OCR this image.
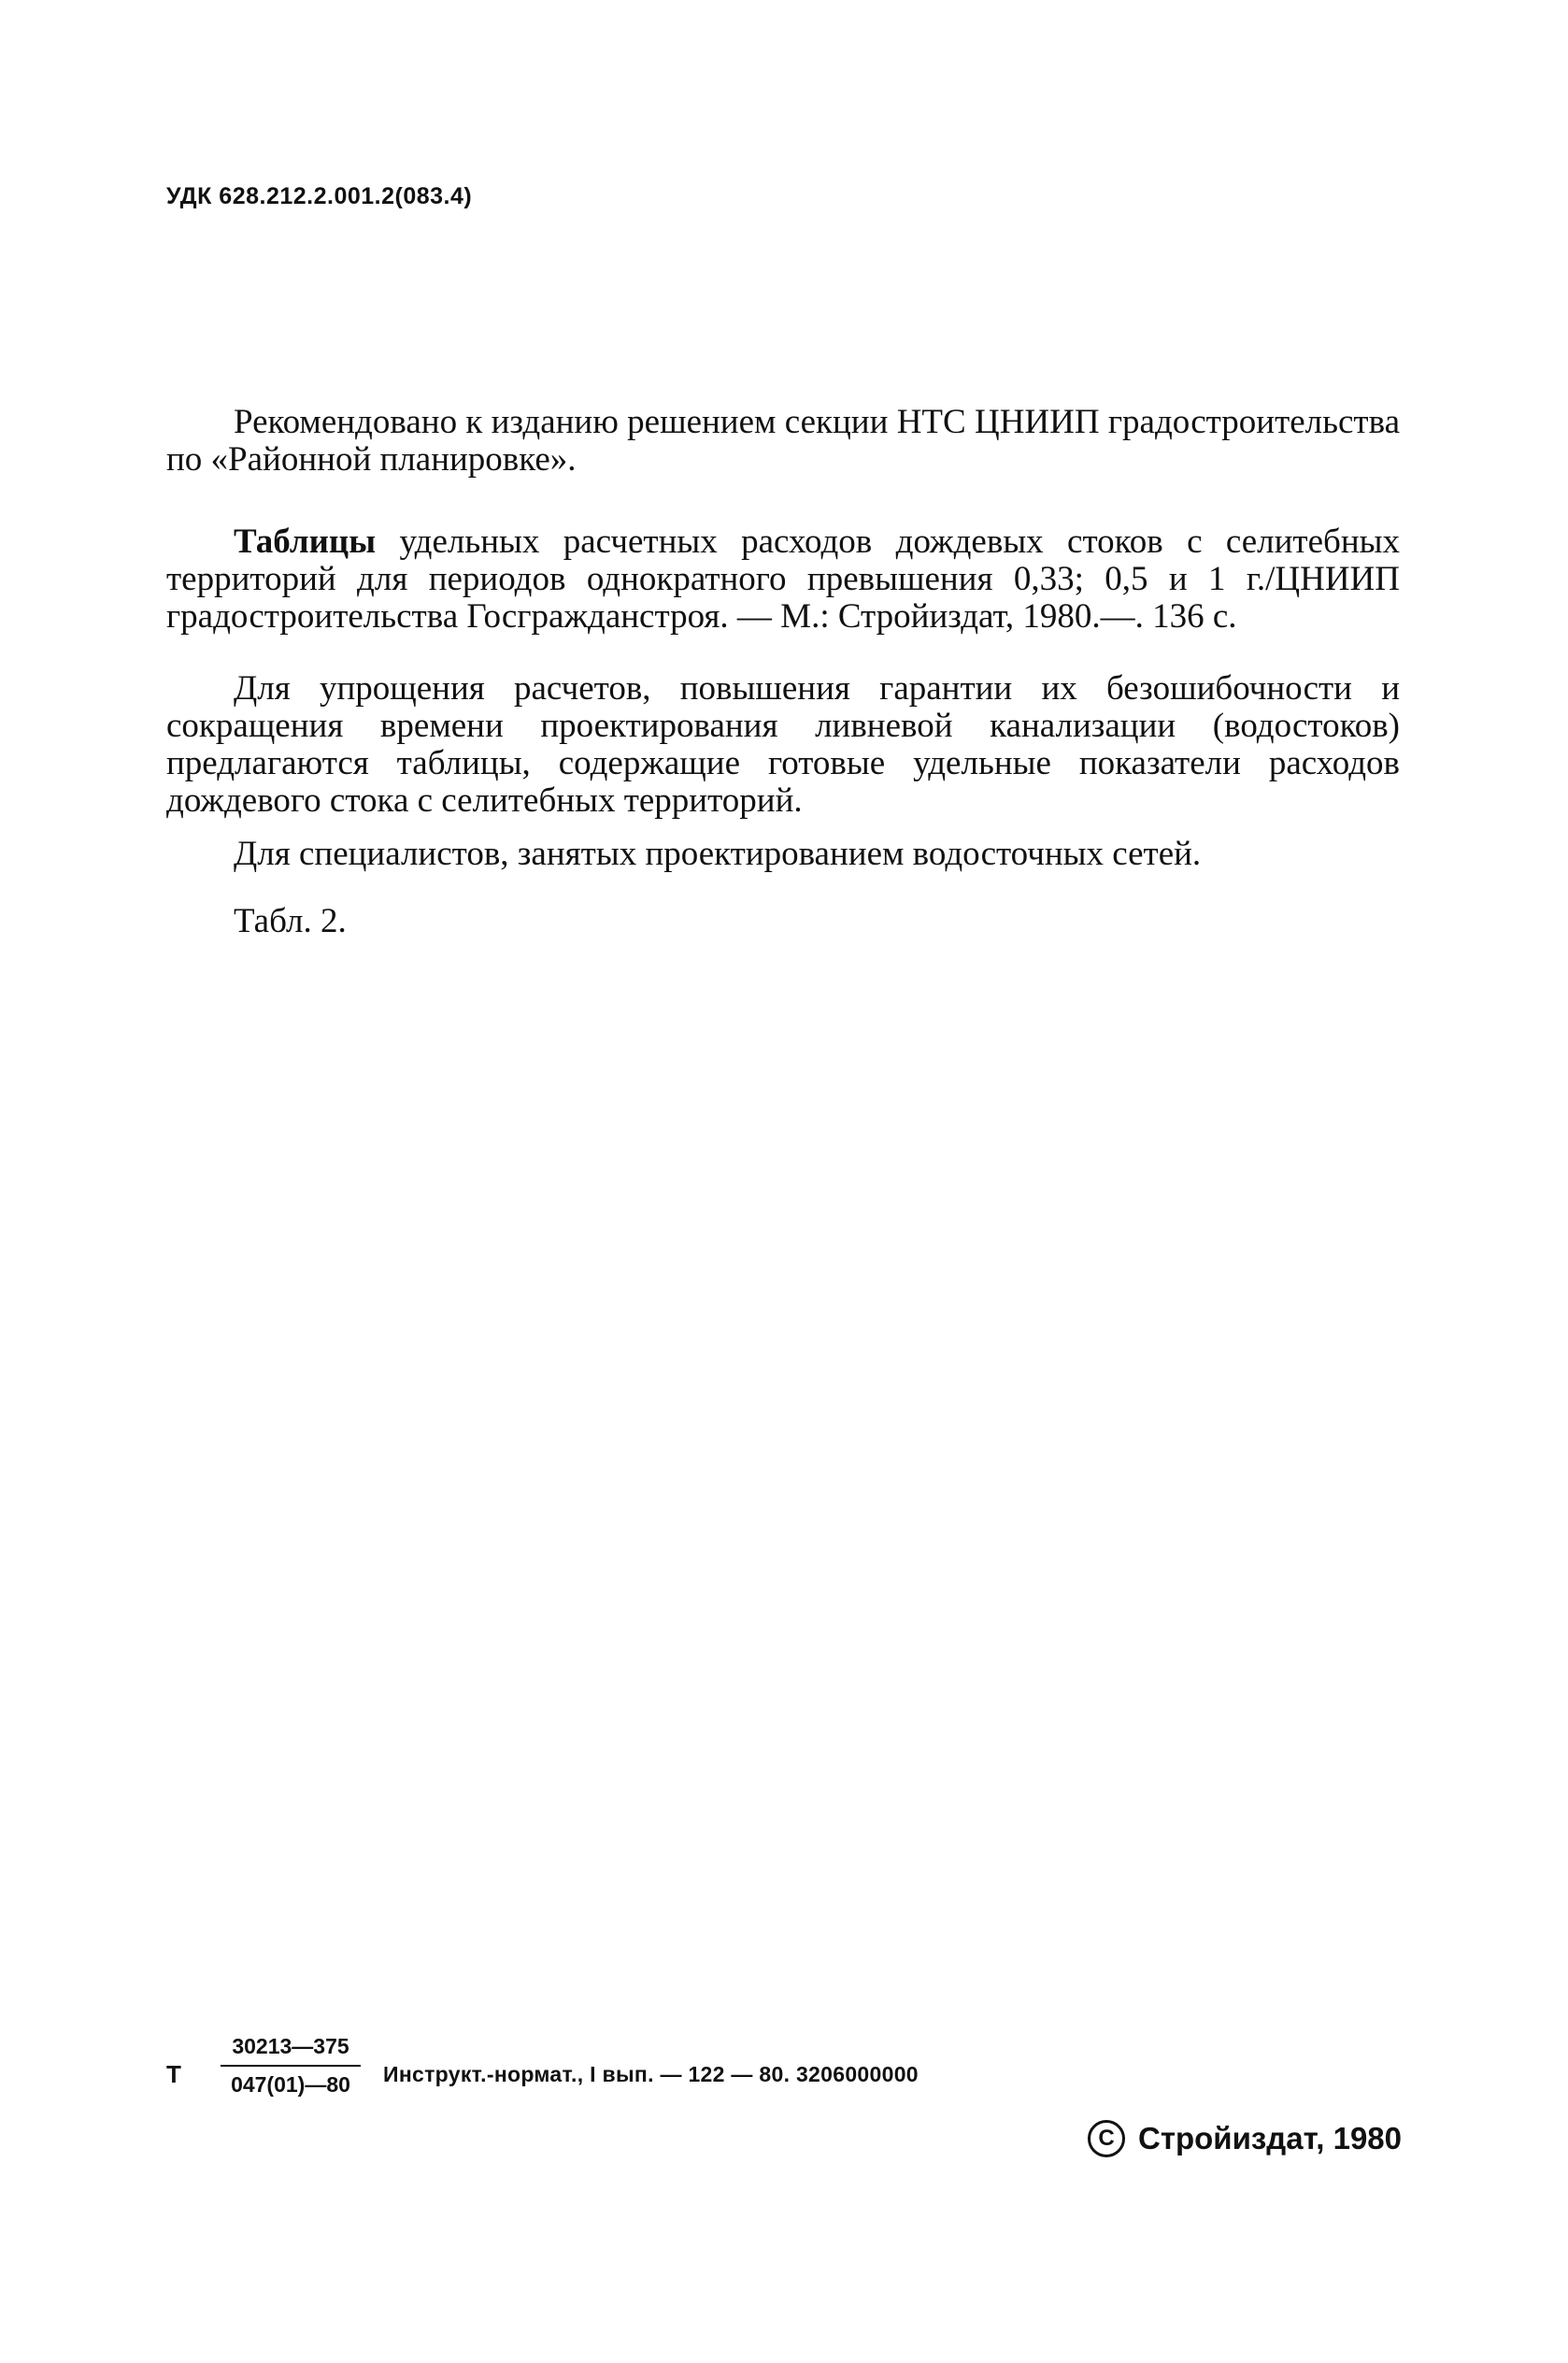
УДК 628.212.2.001.2(083.4)

Рекомендовано к изданию решением секции НТС ЦНИИП градостроительства по «Районной планировке».

Таблицы удельных расчетных расходов дождевых стоков с селитебных территорий для периодов однократного превышения 0,33; 0,5 и 1 г./ЦНИИП градостроительства Госгражданстроя. — М.: Стройиздат, 1980.—. 136 с.

Для упрощения расчетов, повышения гарантии их безошибочности и сокращения времени проектирования ливневой канализации (водостоков) предлагаются таблицы, содержащие готовые удельные показатели расходов дождевого стока с селитебных территорий.

Для специалистов, занятых проектированием водосточных сетей.

Табл. 2.

Т $\frac{30213—375}{047(01)—80}$ Инструкт.-нормат., I вып. — 122 — 80. 3206000000
C Стройиздат, 1980
